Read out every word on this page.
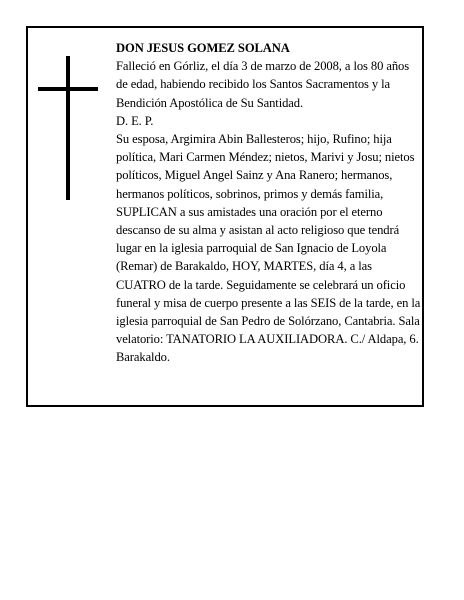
DON JESUS GOMEZ SOLANA

Falleció en Górliz, el día 3 de marzo de 2008, a los 80 años de edad, habiendo recibido los Santos Sacramentos y la Bendición Apostólica de Su Santidad.

D. E. P.

Su esposa, Argimira Abin Ballesteros; hijo, Rufino; hija política, Mari Carmen Méndez; nietos, Marivi y Josu; nietos políticos, Miguel Angel Sainz y Ana Ranero; hermanos, hermanos políticos, sobrinos, primos y demás familia,

SUPLICAN a sus amistades una oración por el eterno descanso de su alma y asistan al acto religioso que tendrá lugar en la iglesia parroquial de San Ignacio de Loyola (Remar) de Barakaldo, HOY, MARTES, día 4, a las CUATRO de la tarde. Seguidamente se celebrará un oficio funeral y misa de cuerpo presente a las SEIS de la tarde, en la iglesia parroquial de San Pedro de Solórzano, Cantabria. Sala velatorio: TANATORIO LA AUXILIADORA. C./ Aldapa, 6. Barakaldo.
